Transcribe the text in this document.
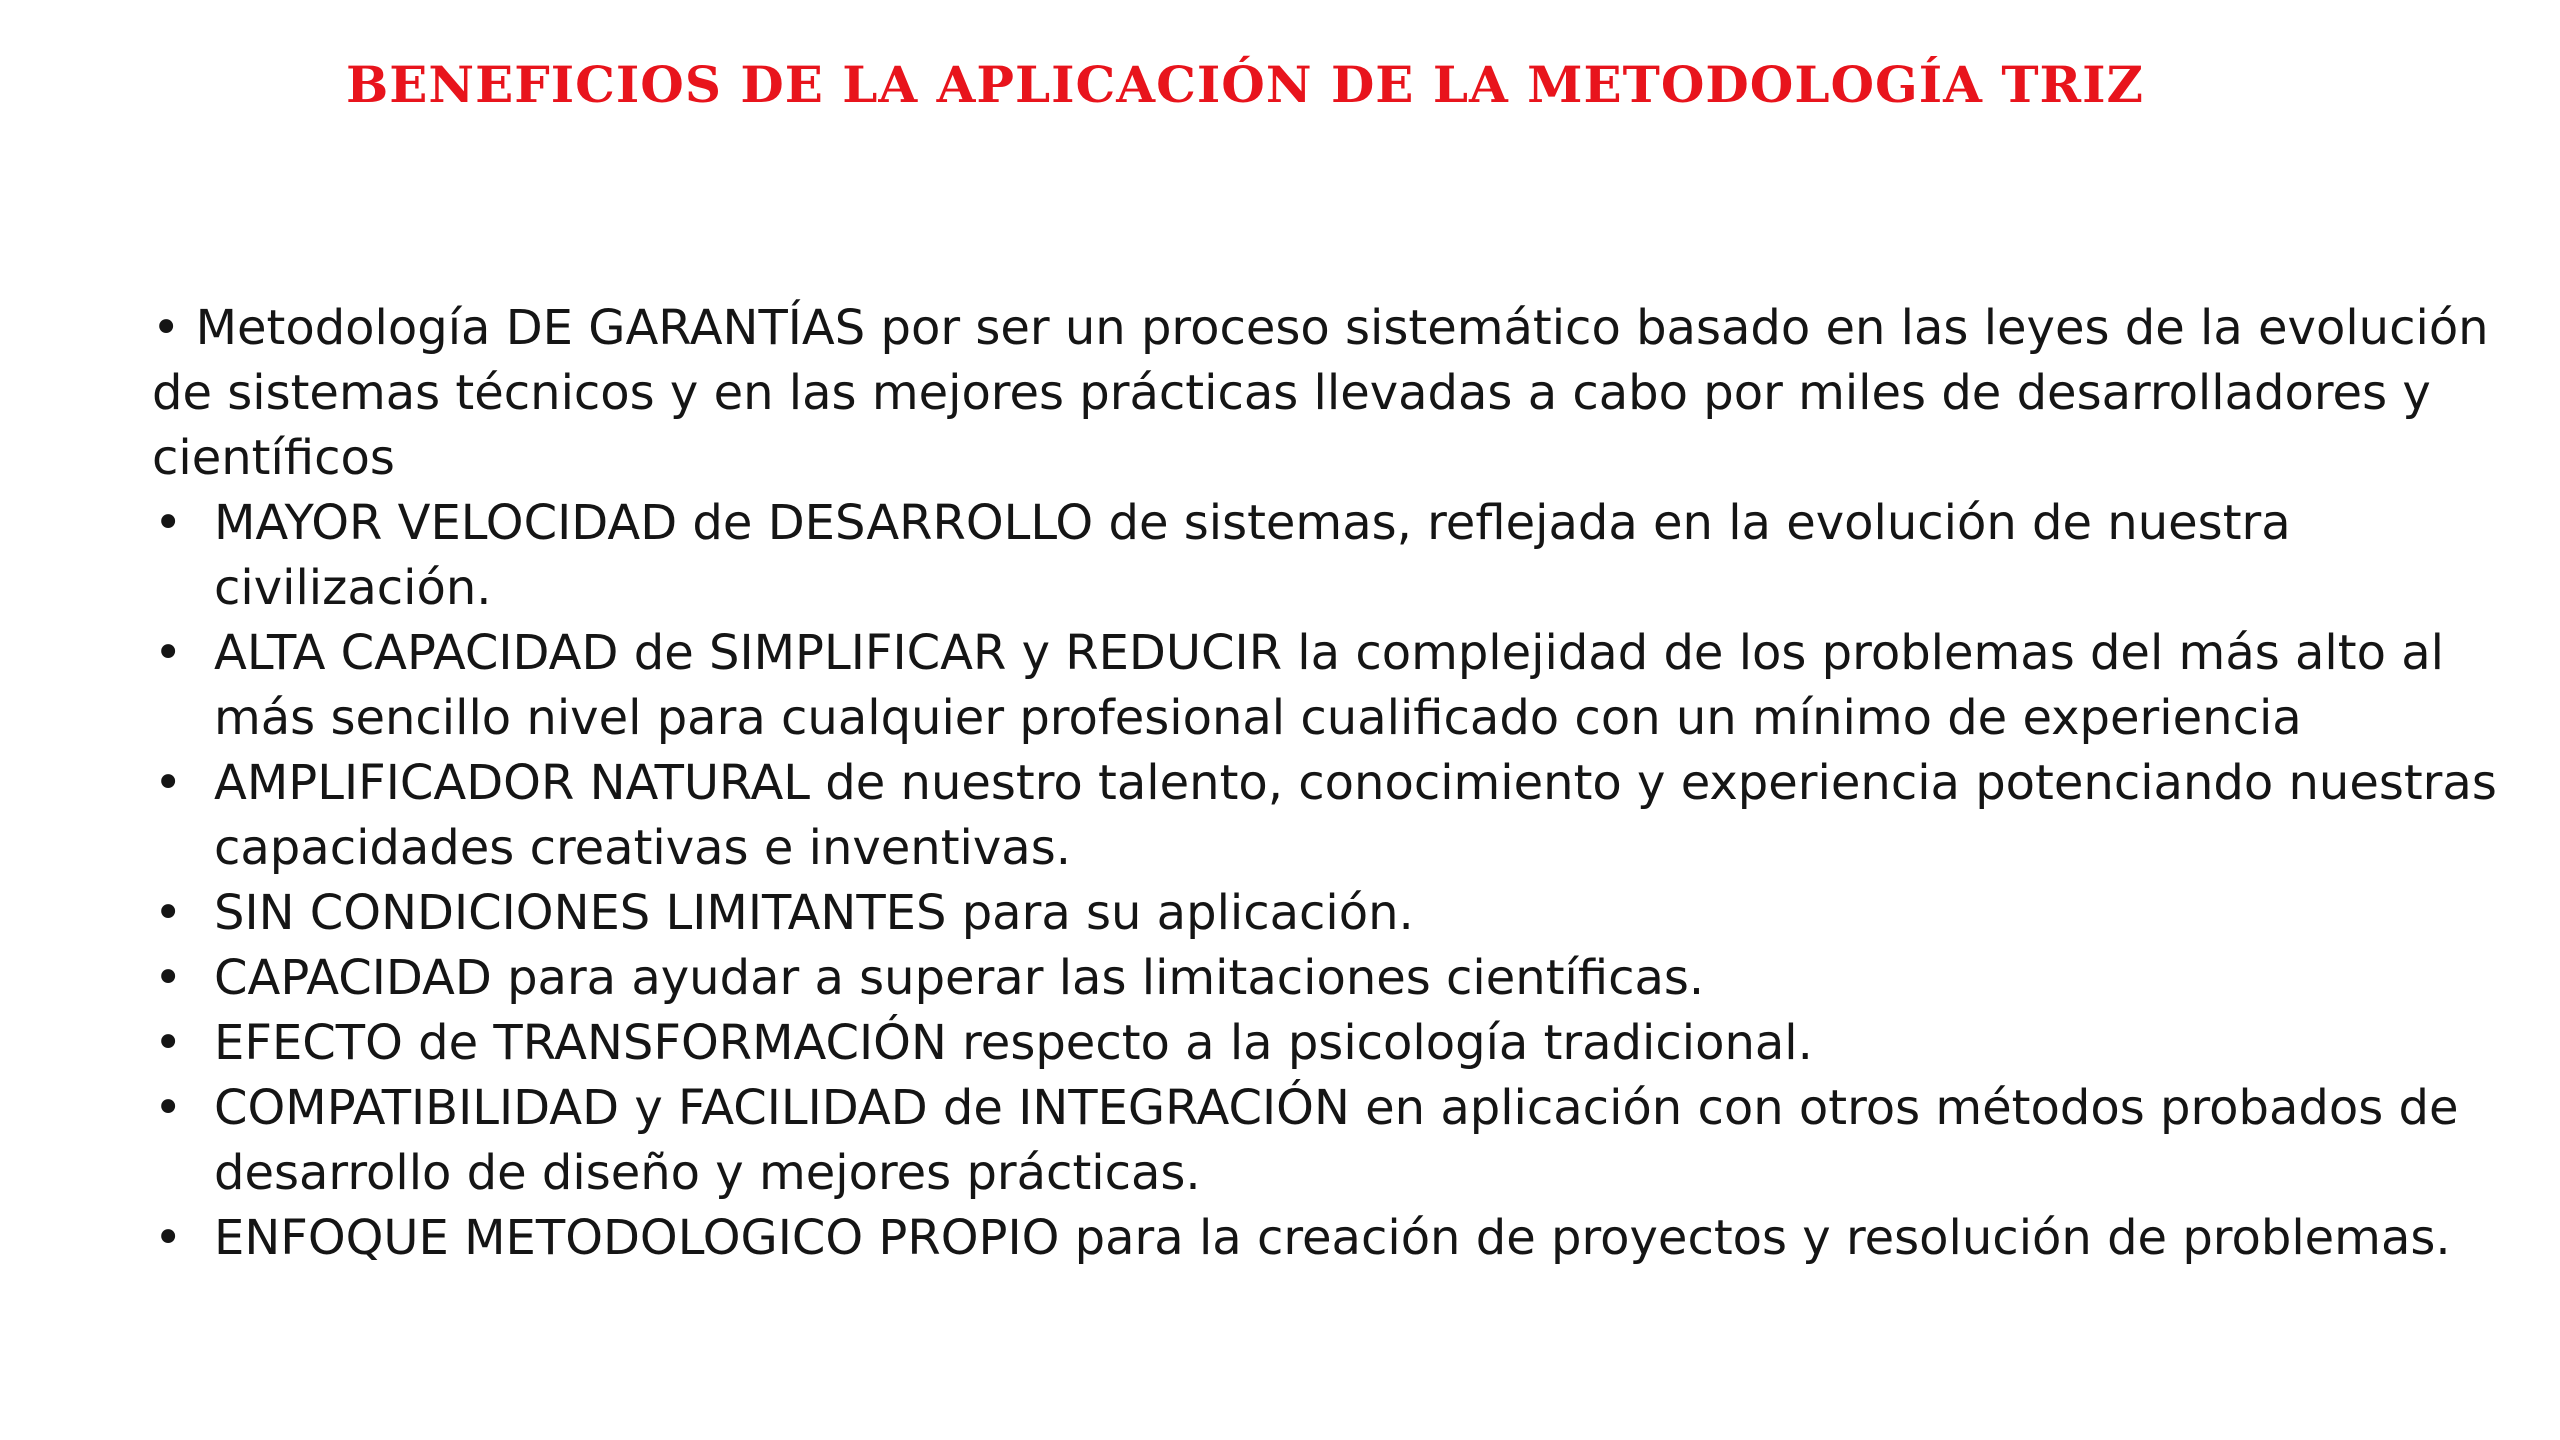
BENEFICIOS DE LA APLICACIÓN DE LA METODOLOGÍA TRIZ

• Metodología DE GARANTÍAS por ser un proceso sistemático basado en las leyes de la evolución de sistemas técnicos y en las mejores prácticas llevadas a cabo por miles de desarrolladores y científicos

• MAYOR VELOCIDAD de DESARROLLO de sistemas, reflejada en la evolución de nuestra civilización.
• ALTA CAPACIDAD de SIMPLIFICAR y REDUCIR la complejidad de los problemas del más alto al más sencillo nivel para cualquier profesional cualificado con un mínimo de experiencia
• AMPLIFICADOR NATURAL de nuestro talento, conocimiento y experiencia potenciando nuestras capacidades creativas e inventivas.
• SIN CONDICIONES LIMITANTES para su aplicación.
• CAPACIDAD para ayudar a superar las limitaciones científicas.
• EFECTO de TRANSFORMACIÓN respecto a la psicología tradicional.
• COMPATIBILIDAD y FACILIDAD de INTEGRACIÓN en aplicación con otros métodos probados de desarrollo de diseño y mejores prácticas.
• ENFOQUE METODOLOGICO PROPIO para la creación de proyectos y resolución de problemas.
